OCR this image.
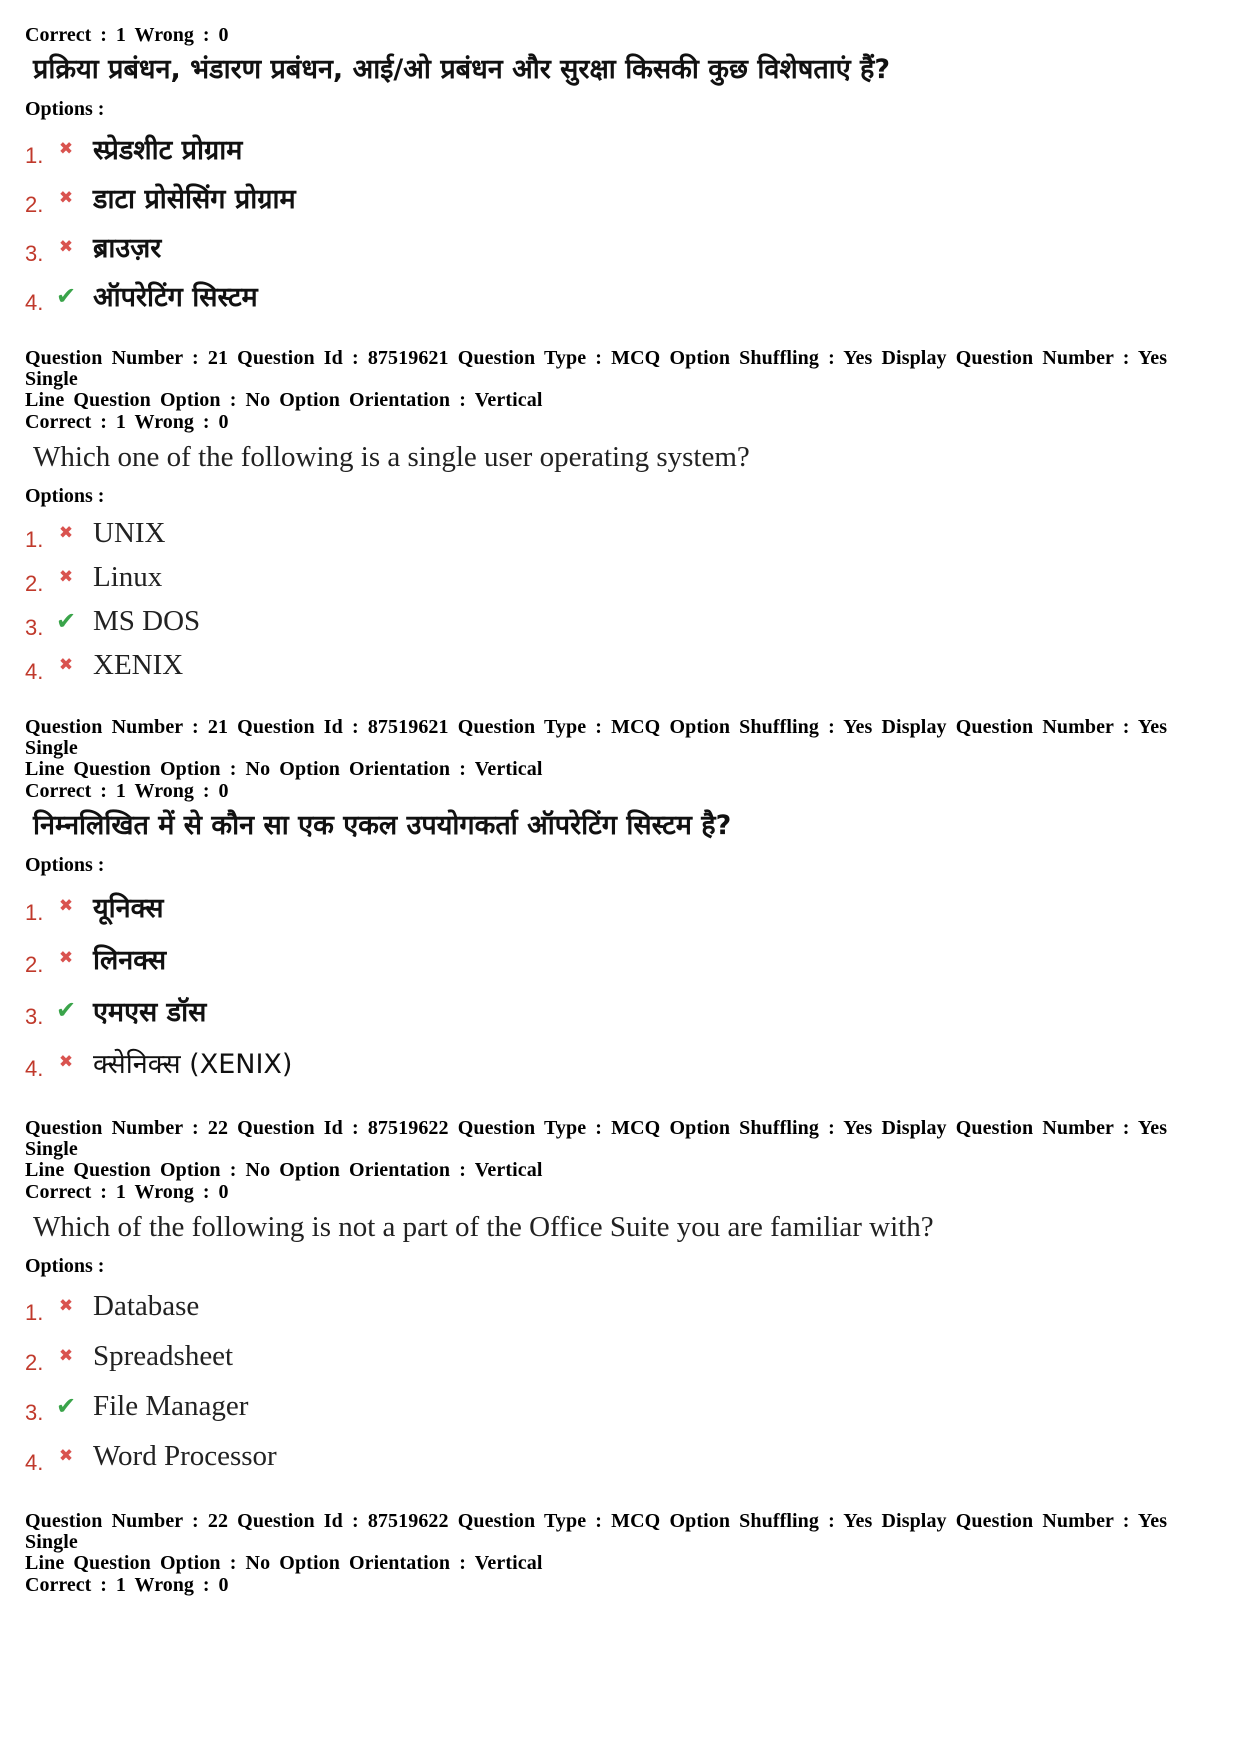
Correct : 1 Wrong : 0

प्रक्रिया प्रबंधन, भंडारण प्रबंधन, आई/ओ प्रबंधन और सुरक्षा किसकी कुछ विशेषताएं हैं?

Options :

1. ✖ स्प्रेडशीट प्रोग्राम
2. ✖ डाटा प्रोसेसिंग प्रोग्राम
3. ✖ ब्राउज़र
4. ✔ ऑपरेटिंग सिस्टम

Question Number : 21 Question Id : 87519621 Question Type : MCQ Option Shuffling : Yes Display Question Number : Yes Single

Line Question Option : No Option Orientation : Vertical

Correct : 1 Wrong : 0

Which one of the following is a single user operating system?

Options :

1. ✖ UNIX
2. ✖ Linux
3. ✔ MS DOS
4. ✖ XENIX

Question Number : 21 Question Id : 87519621 Question Type : MCQ Option Shuffling : Yes Display Question Number : Yes Single

Line Question Option : No Option Orientation : Vertical

Correct : 1 Wrong : 0

निम्नलिखित में से कौन सा एक एकल उपयोगकर्ता ऑपरेटिंग सिस्टम है?

Options :

1. ✖ यूनिक्स
2. ✖ लिनक्स
3. ✔ एमएस डॉस
4. ✖ क्सेनिक्स (XENIX)

Question Number : 22 Question Id : 87519622 Question Type : MCQ Option Shuffling : Yes Display Question Number : Yes Single

Line Question Option : No Option Orientation : Vertical

Correct : 1 Wrong : 0

Which of the following is not a part of the Office Suite you are familiar with?

Options :

1. ✖ Database
2. ✖ Spreadsheet
3. ✔ File Manager
4. ✖ Word Processor

Question Number : 22 Question Id : 87519622 Question Type : MCQ Option Shuffling : Yes Display Question Number : Yes Single

Line Question Option : No Option Orientation : Vertical

Correct : 1 Wrong : 0
